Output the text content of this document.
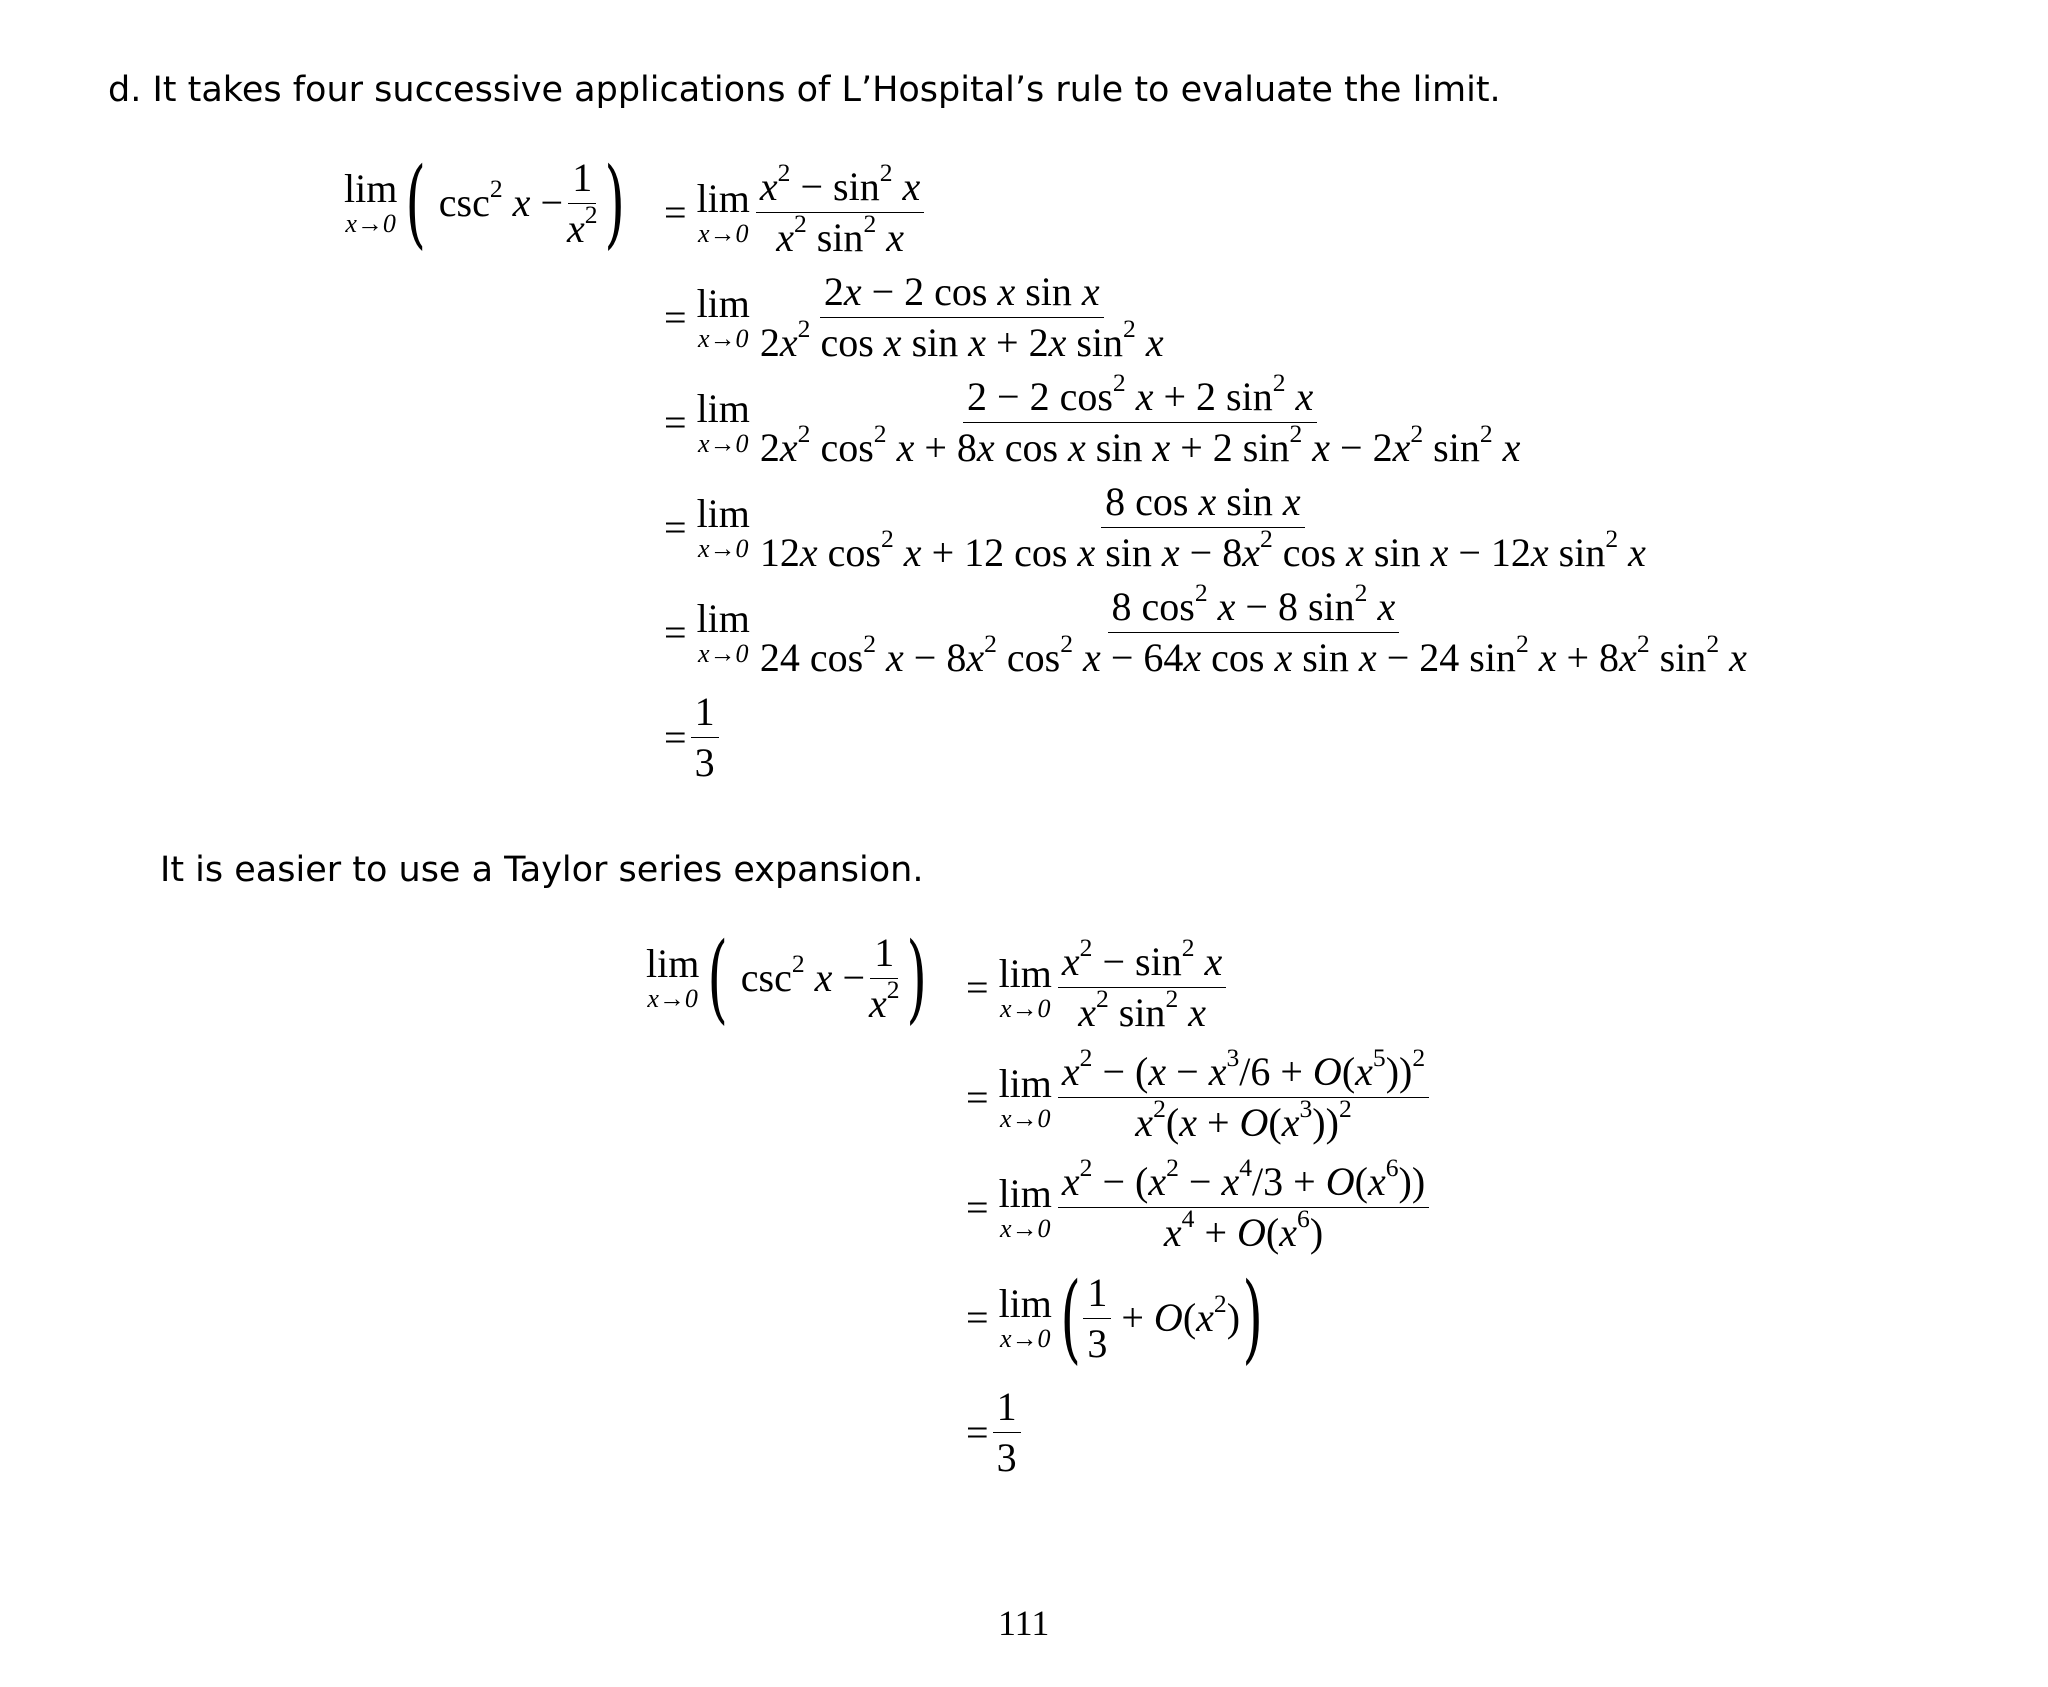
d. It takes four successive applications of L’Hospital’s rule to evaluate the limit.
lim
x→0 ( $\csc^2 x - \frac{1}{x^2}$ ) = lim
$x\to 0 \frac{x^2 - \sin^2 x}{x^2 \sin^2 x}$
= lim
$x\to 0 \frac{\text{2x − 2 cos x sin x}}{2x^2 \cos x \sin x + 2x \sin^2 x}$
= lim
$x\to 0 \frac{2 - 2 \cos^2 x + 2 \sin^2 x}{2x^2 \cos^2 x + 8x \cos x \sin x + 2 \sin^2 x - 2x^2 \sin^2 x}$
= lim
$x\to 0 \frac{\text{8 cos x sin x}}{12x \cos^2 x + 12 \cos x \sin x - 8x^2 \cos x \sin x - 12x \sin^2 x}$
= lim
x→0
8 $\cos^2 x - 8$ $\sin^2 x$
24 $\cos^2 x - 8x^2$ $\cos^2 x - 64x$ cos x sin x − 24 $\sin^2 x + 8x^2$ $\sin^2 x$
= $\frac{1}{3}$
It is easier to use a Taylor series expansion.
lim
x→0 ( $\csc^2 x - \frac{1}{x^2}$ ) = lim
$x\to 0 \frac{x^2 - \sin^2 x}{x^2 \sin^2 x}$
= lim
$x\to 0 \frac{x^2 - (x - x^3/6 + O(x^5))^2}{x^2(x + O(x^3))^2}$
= lim
$x\to 0 \frac{x^2 - (x^2 - x^4/3 + O(x^6))}{x^4 + O(x^6)}$
= lim
x→0 ( $\frac{1}{3} + O(x^2)$ )
= $\frac{1}{3}$
111
